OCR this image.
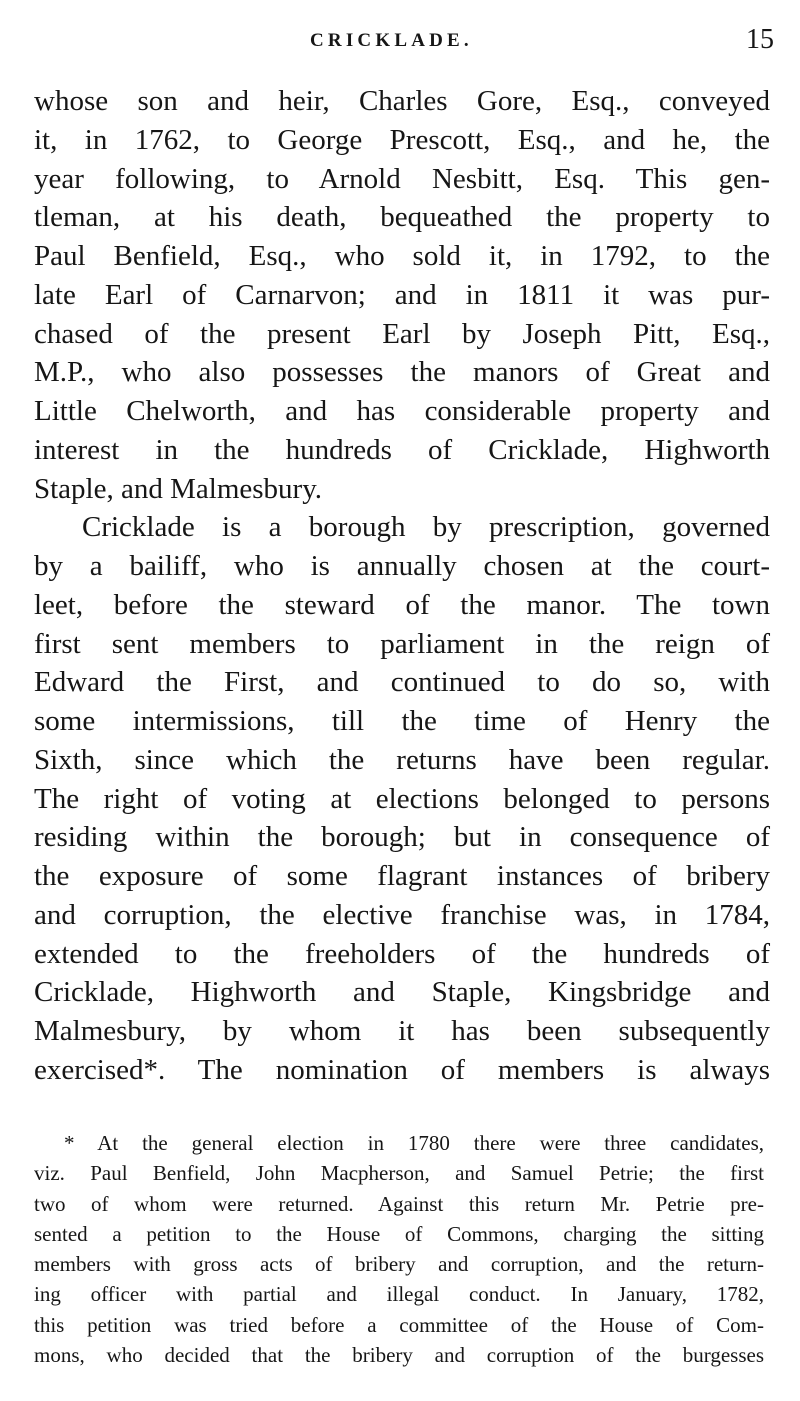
CRICKLADE.	15
whose son and heir, Charles Gore, Esq., conveyed
it, in 1762, to George Prescott, Esq., and he, the
year following, to Arnold Nesbitt, Esq. This gen-
tleman, at his death, bequeathed the property to
Paul Benfield, Esq., who sold it, in 1792, to the
late Earl of Carnarvon; and in 1811 it was pur-
chased of the present Earl by Joseph Pitt, Esq.,
M.P., who also possesses the manors of Great and
Little Chelworth, and has considerable property and
interest in the hundreds of Cricklade, Highworth
Staple, and Malmesbury.
Cricklade is a borough by prescription, governed
by a bailiff, who is annually chosen at the court-
leet, before the steward of the manor. The town
first sent members to parliament in the reign of
Edward the First, and continued to do so, with
some intermissions, till the time of Henry the
Sixth, since which the returns have been regular.
The right of voting at elections belonged to persons
residing within the borough; but in consequence of
the exposure of some flagrant instances of bribery
and corruption, the elective franchise was, in 1784,
extended to the freeholders of the hundreds of
Cricklade, Highworth and Staple, Kingsbridge and
Malmesbury, by whom it has been subsequently
exercised*. The nomination of members is always
* At the general election in 1780 there were three candidates,
viz. Paul Benfield, John Macpherson, and Samuel Petrie; the first
two of whom were returned. Against this return Mr. Petrie pre-
sented a petition to the House of Commons, charging the sitting
members with gross acts of bribery and corruption, and the return-
ing officer with partial and illegal conduct. In January, 1782,
this petition was tried before a committee of the House of Com-
mons, who decided that the bribery and corruption of the burgesses
